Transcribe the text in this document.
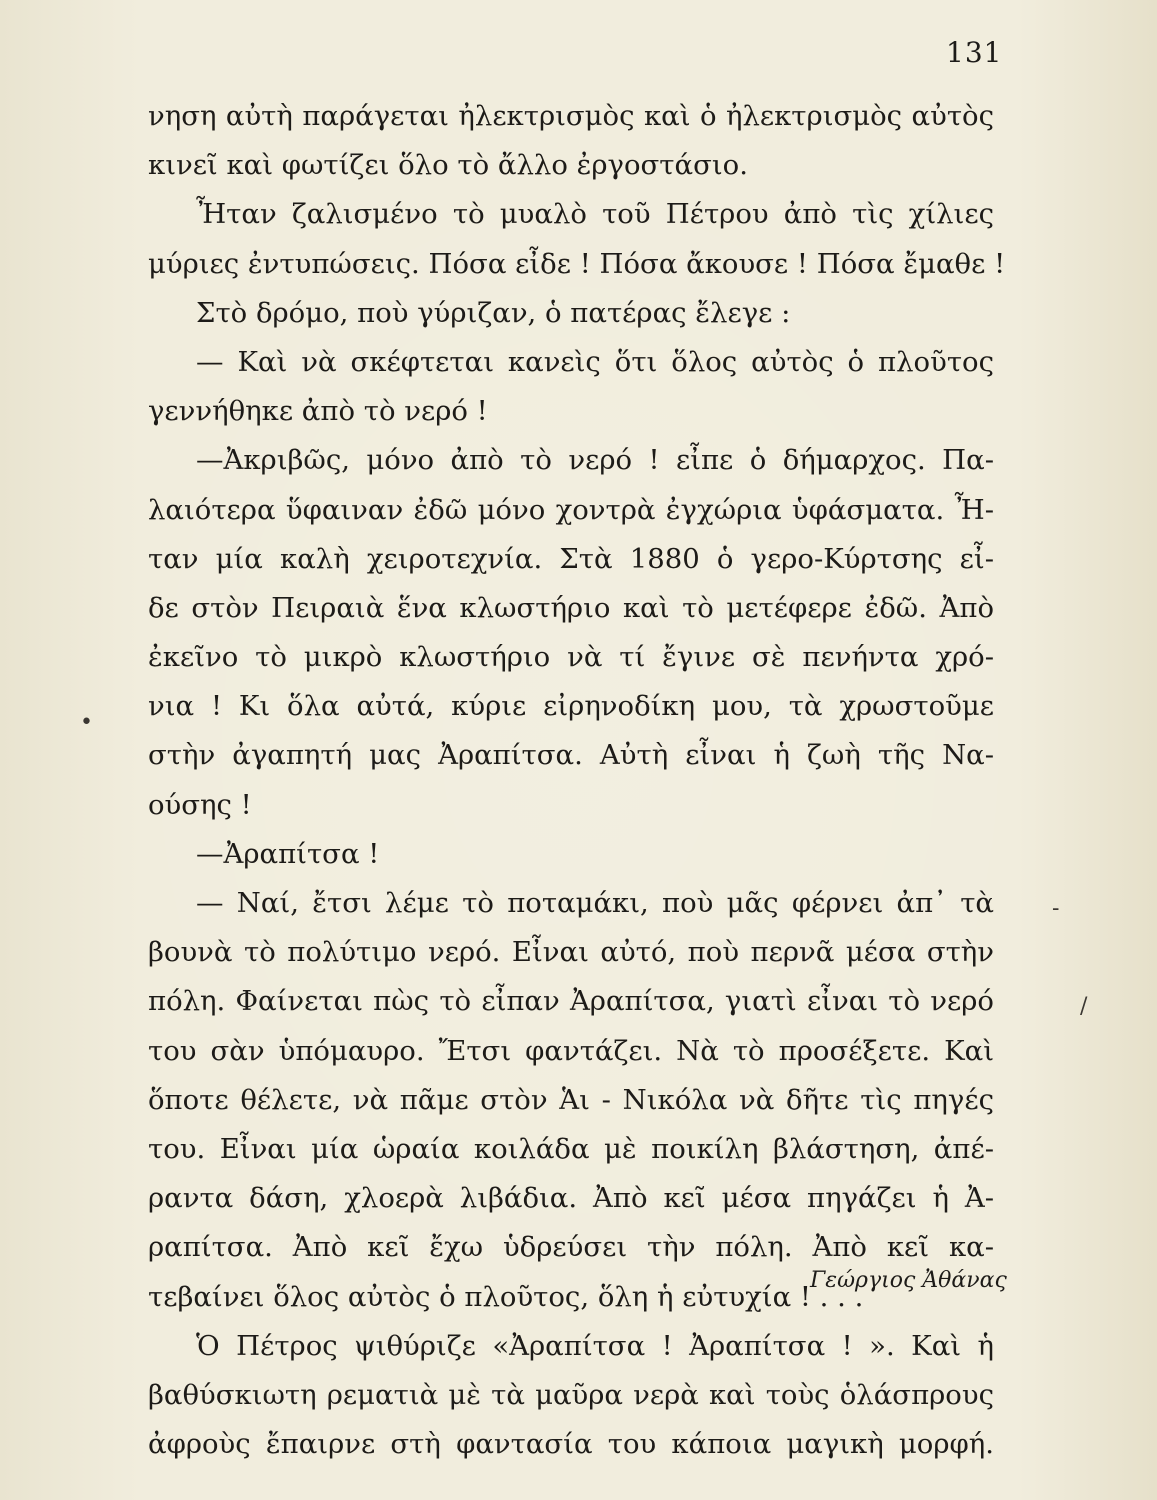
131
νηση αὐτὴ παράγεται ἠλεκτρισμὸς καὶ ὁ ἠλεκτρισμὸς αὐτὸς
κινεῖ καὶ φωτίζει ὅλο τὸ ἄλλο ἐργοστάσιο.
Ἦταν ζαλισμένο τὸ μυαλὸ τοῦ Πέτρου ἀπὸ τὶς χίλιες
μύριες ἐντυπώσεις. Πόσα εἶδε ! Πόσα ἄκουσε ! Πόσα ἔμαθε !
Στὸ δρόμο, ποὺ γύριζαν, ὁ πατέρας ἔλεγε :
— Καὶ νὰ σκέφτεται κανεὶς ὅτι ὅλος αὐτὸς ὁ πλοῦτος
γεννήθηκε ἀπὸ τὸ νερό !
—Ἀκριβῶς, μόνο ἀπὸ τὸ νερό ! εἶπε ὁ δήμαρχος. Πα-
λαιότερα ὕφαιναν ἐδῶ μόνο χοντρὰ ἐγχώρια ὑφάσματα. Ἦ-
ταν μία καλὴ χειροτεχνία. Στὰ 1880 ὁ γερο-Κύρτσης εἶ-
δε στὸν Πειραιὰ ἕνα κλωστήριο καὶ τὸ μετέφερε ἐδῶ. Ἀπὸ
ἐκεῖνο τὸ μικρὸ κλωστήριο νὰ τί ἔγινε σὲ πενήντα χρό-
νια ! Κι ὅλα αὐτά, κύριε εἰρηνοδίκη μου, τὰ χρωστοῦμε
στὴν ἀγαπητή μας Ἀραπίτσα. Αὐτὴ εἶναι ἡ ζωὴ τῆς Να-
ούσης !
—Ἀραπίτσα !
— Ναί, ἔτσι λέμε τὸ ποταμάκι, ποὺ μᾶς φέρνει ἀπ᾿ τὰ
βουνὰ τὸ πολύτιμο νερό. Εἶναι αὐτό, ποὺ περνᾶ μέσα στὴν
πόλη. Φαίνεται πὼς τὸ εἶπαν Ἀραπίτσα, γιατὶ εἶναι τὸ νερό
του σὰν ὑπόμαυρο. Ἔτσι φαντάζει. Νὰ τὸ προσέξετε. Καὶ
ὅποτε θέλετε, νὰ πᾶμε στὸν Ἁι - Νικόλα νὰ δῆτε τὶς πηγές
του. Εἶναι μία ὡραία κοιλάδα μὲ ποικίλη βλάστηση, ἀπέ-
ραντα δάση, χλοερὰ λιβάδια. Ἀπὸ κεῖ μέσα πηγάζει ἡ Ἀ-
ραπίτσα. Ἀπὸ κεῖ ἔχω ὑδρεύσει τὴν πόλη. Ἀπὸ κεῖ κα-
τεβαίνει ὅλος αὐτὸς ὁ πλοῦτος, ὅλη ἡ εὐτυχία ! . . .
Ὁ Πέτρος ψιθύριζε «Ἀραπίτσα ! Ἀραπίτσα ! ». Καὶ ἡ
βαθύσκιωτη ρεματιὰ μὲ τὰ μαῦρα νερὰ καὶ τοὺς ὁλάσπρους
ἀφροὺς ἔπαιρνε στὴ φαντασία του κάποια μαγικὴ μορφή.
Γεώργιος Ἀθάνας
•
-
/
